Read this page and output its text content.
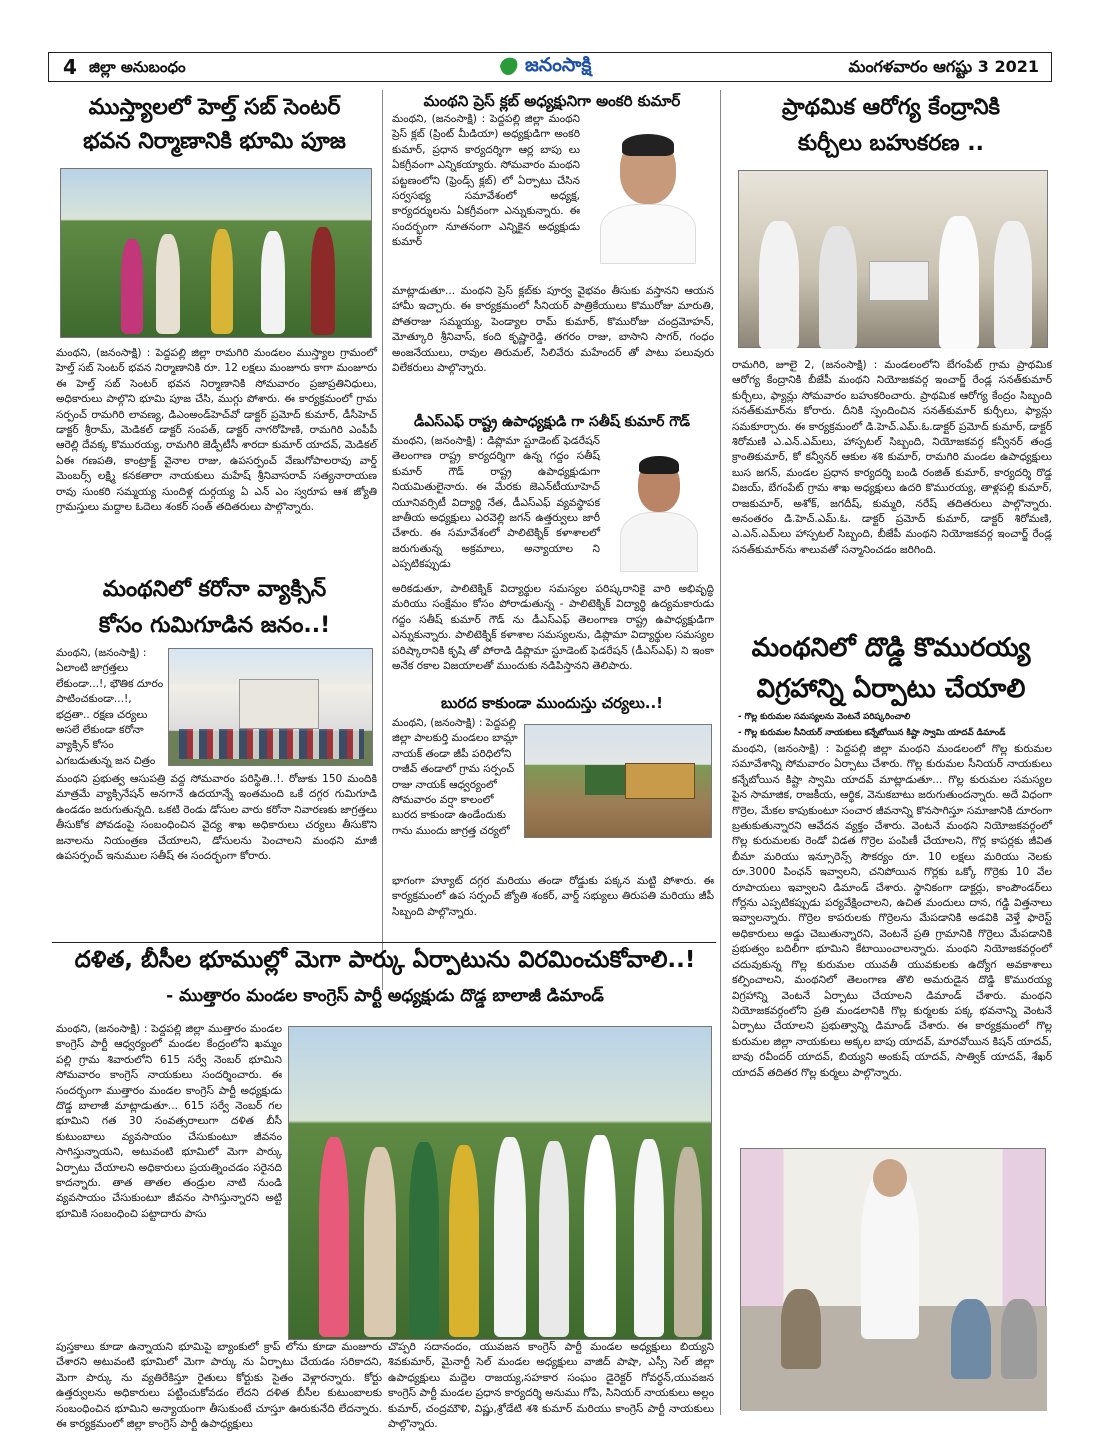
4 జిల్లా అనుబంధం	జనంసాక్షి	మంగళవారం ఆగష్టు 3 2021
ముస్త్యాలలో హెల్త్ సబ్ సెంటర్
భవన నిర్మాణానికి భూమి పూజ
మంథని, (జనంసాక్షి) : పెద్దపల్లి జిల్లా రామగిరి మండలం ముస్త్యాల గ్రామంలో హెల్త్ సబ్ సెంటర్ భవన నిర్మాణానికి రూ. 12 లక్షలు మంజూరు కాగా మంజూరు ఈ హెల్త్ సబ్ సెంటర్ భవన నిర్మాణానికి సోమవారం ప్రజాప్రతినిధులు, అధికారులు పాల్గొని భూమి పూజ చేసి, ముగ్గు పోశారు. ఈ కార్యక్రమంలో గ్రామ సర్పంచ్ రామగిరి లావణ్య, డిఎంఅండ్‌హెచ్‌వో డాక్టర్ ప్రమోద్ కుమార్, డీసీహెచ్ డాక్టర్ శ్రీరామ్, మెడికల్ డాక్టర్ సంపత్, డాక్టర్ నాగరోహిణి, రామగిరి ఎంపీపీ ఆరెల్లి దేవక్క కొమురయ్య, రామగిరి జెడ్పీటీసీ శారదా కుమార్ యాదవ్, మెడికల్ ఏఈ గణపతి, కాంట్రాక్ట్ వైనాల రాజు, ఉపసర్పంచ్ వేణుగోపాలరావు వార్డ్ మెంబర్స్ లక్ష్మి కనకతారా నాయకులు మహేష్ శ్రీనివాసరావ్ సత్యనారాయణ రావు సుంకరి సమ్మయ్య సుందిళ్ల దుర్గయ్య ఏ ఎన్ ఎం స్వరూప ఆశ జ్యోతి గ్రామస్తులు మద్దాల ఓదెలు శంకర్ సంత్ తదితరులు పాల్గొన్నారు.
మంథనిలో కరోనా వ్యాక్సిన్
కోసం గుమిగూడిన జనం..!
మంథని, (జనంసాక్షి) : ఏలాంటి జాగ్రత్తలు లేకుండా...!, భౌతిక దూరం పాటించకుండా...!, భద్రతా.. రక్షణ చర్యలు అసలే లేకుండా కరోనా వ్యాక్సిన్ కోసం ఎగబడుతున్న జన చిత్రం
మంథని ప్రభుత్వ ఆసుపత్రి వద్ద సోమవారం పరిస్థితి..!. రోజుకు 150 మందికి మాత్రమే వ్యాక్సినేషన్ అనగానే ఉదయాన్నే ఇంతమంది ఒకే దగ్గర గుమిగూడి ఉండడం జరుగుతున్నది. ఒకటి రెండు డోసుల వారు కరోనా నివారణకు జాగ్రత్తలు తీసుకోక పోవడంపై సంబంధించిన వైద్య శాఖ అధికారులు చర్యలు తీసుకొని జనాలను నియంత్రణ చేయాలని, డోసులను పెంచాలని మంథని మాజీ ఉపసర్పంచ్ ఇనుముల సతీష్ ఈ సందర్భంగా కోరారు.
మంథని ప్రెస్ క్లబ్ అధ్యక్షునిగా అంకరి కుమార్
మంథని, (జనంసాక్షి) : పెద్దపల్లి జిల్లా మంథని ప్రెస్ క్లబ్ (ప్రింట్ మీడియా) అధ్యక్షుడిగా అంకరి కుమార్, ప్రధాన కార్యదర్శిగా ఆర్ల బాపు లు ఏకగ్రీవంగా ఎన్నికయ్యారు. సోమవారం మంథని పట్టణంలోని (ఫ్రెండ్స్ క్లబ్) లో ఏర్పాటు చేసిన సర్వసభ్య సమావేశంలో అధ్యక్ష, కార్యదర్శులను ఏకగ్రీవంగా ఎన్నుకున్నారు. ఈ సందర్భంగా నూతనంగా ఎన్నికైన అధ్యక్షుడు కుమార్
మాట్లాడుతూ... మంథని ప్రెస్ క్లబ్‌కు పూర్వ వైభవం తీసుకు వస్తానని ఆయన హామీ ఇచ్చారు. ఈ కార్యక్రమంలో సీనియర్ పాత్రికేయులు కొమురోజు మారుతి, పోతరాజు సమ్మయ్య, పెండ్యాల రామ్ కుమార్, కొమురోజు చంద్రమోహన్, మోత్కూరి శ్రీనివాస్, కంది కృష్ణారెడ్డి, తగరం రాజు, బాసాని సాగర్, గంధం అంజనేయులు, రావుల తిరుమల్, సిలివేరు మహేందర్ తో పాటు పలువురు విలేకరులు పాల్గొన్నారు.
డీఎస్ఎఫ్ రాష్ట్ర ఉపాధ్యక్షుడి గా సతీష్ కుమార్ గౌడ్
మంథని, (జనంసాక్షి) : డిప్లొమా స్టూడెంట్ ఫెడరేషన్ తెలంగాణ రాష్ట్ర కార్యదర్శిగా ఉన్న గద్దం సతీష్ కుమార్ గౌడ్ రాష్ట్ర ఉపాధ్యక్షుడుగా నియమితులైనారు. ఈ మేరకు జెఎన్‌టీయూహెచ్ యూనివర్సిటీ విద్యార్థి నేత, డీఎస్ఎఫ్ వ్యవస్థాపక జాతీయ అధ్యక్షులు ఎరవెల్లి జగన్ ఉత్తర్వులు జారీ చేశారు. ఈ సమావేశంలో పాలిటెక్నిక్ కళాశాలలో జరుగుతున్న అక్రమాలు, అన్యాయాల ని ఎప్పటికప్పుడు
అరికడుతూ, పాలిటెక్నిక్ విద్యార్థుల సమస్యల పరిష్కరానికై వారి అభివృద్ధి మరియు సంక్షేమం కోసం పోరాడుతున్న - పాలిటెక్నిక్ విద్యార్థి ఉద్యమకారుడు గద్దం సతీష్ కుమార్ గౌడ్ ను డీఎస్ఎఫ్ తెలంగాణ రాష్ట్ర ఉపాధ్యక్షుడిగా ఎన్నుకున్నారు. పాలిటెక్నిక్ కళాశాల సమస్యలను, డిప్లొమా విద్యార్థుల సమస్యల పరిష్కారానికి కృషి తో పోరాడి డిప్లొమా స్టూడెంట్ ఫెడరేషన్ (డీఎస్ఎఫ్) ని ఇంకా అనేక రకాల విజయాలతో ముందుకు నడిపిస్తానని తెలిపారు.
బురద కాకుండా ముందుస్తు చర్యలు..!
మంథని, (జనంసాక్షి) : పెద్దపల్లి జిల్లా పాలకుర్తి మండలం బామ్లా నాయక్ తండా జీపీ పరిధిలోని రాజీవ్ తండాలో గ్రామ సర్పంచ్ రాజు నాయక్ ఆధ్వర్యంలో సోమవారం వర్షా కాలంలో బురద కాకుండా ఉండేందుకు గాను ముందు జాగ్రత్త చర్యలో
భాగంగా హ్యూట్ దగ్గర మరియు తండా రోడ్డుకు పక్కన మట్టి పోశారు. ఈ కార్యక్రమంలో ఉప సర్పంచ్ జ్యోతి శంకర్, వార్డ్ సభ్యులు తిరుపతి మరియు జీపీ సిబ్బంది పాల్గొన్నారు.
ప్రాథమిక ఆరోగ్య కేంద్రానికి
కుర్చీలు బహుకరణ ..
రామగిరి, జూలై 2, (జనంసాక్షి) : మండలంలోని బేగంపేట్ గ్రామ ప్రాథమిక ఆరోగ్య కేంద్రానికి బీజేపీ మంథని నియోజకవర్గ ఇంచార్జ్ రేండ్ల సనత్‌కుమార్ కుర్చీలు, ఫ్యాన్లు సోమవారం బహుకరించారు. ప్రాథమిక ఆరోగ్య కేంద్రం సిబ్బంది సనత్‌కుమార్‌ను కోరారు. దీనికి స్పందించిన సనత్‌కుమార్ కుర్చీలు, ఫ్యాన్లు సమకూర్చారు. ఈ కార్యక్రమంలో డి.హెచ్.ఎమ్.ఓ.డాక్టర్ ప్రమోద్ కుమార్, డాక్టర్ శిరోమణి ఎ.ఎన్.ఎమ్‌లు, హాస్పటల్ సిబ్బంది, నియోజకవర్గ కన్వీనర్ తండ్ర క్రాంతికుమార్, కో కన్వీనర్ ఆకుల శశి కుమార్, రామగిరి మండల ఉపాధ్యక్షులు బుస జగన్, మండల ప్రధాన కార్యదర్శి బండి రంజిత్ కుమార్, కార్యదర్శి రొడ్డ విజయ్, బేగంపేట్ గ్రామ శాఖ అధ్యక్షులు ఉదరి కొమురయ్య, తాళ్లపల్లి కుమార్, రాజకుమార్, అశోక్, జగదీష్, కుమ్మరి, నరేష్ తదితరులు పాల్గొన్నారు. అనంతరం డి.హెచ్.ఎమ్.ఓ. డాక్టర్ ప్రమోద్ కుమార్, డాక్టర్ శిరోమణి, ఎ.ఎన్.ఎమ్‌లు హాస్పటల్ సిబ్బంది, బీజేపీ మంథని నియోజకవర్గ ఇంచార్జ్ రేండ్ల సనత్‌కుమార్‌ను శాలువతో సన్మానించడం జరిగింది.
మంథనిలో దొడ్డి కొమురయ్య
విగ్రహాన్ని ఏర్పాటు చేయాలి
- గొల్ల కురుమల సమస్యలను వెంటనే పరిష్కరించాలి
- గొల్ల కురుమల సీనియర్ నాయకులు కన్నేబోయిన కిష్టా స్వామి యాదవ్ డిమాండ్
మంథని, (జనంసాక్షి) : పెద్దపల్లి జిల్లా మంథని మండలంలో గొల్ల కురుమల సమావేశాన్ని సోమవారం ఏర్పాటు చేశారు. గొల్ల కురుమల సీనియర్ నాయకులు కన్నేబోయిన కిష్టా స్వామి యాదవ్ మాట్లాడుతూ... గొల్ల కురుమల సమస్యల పైన సామాజిక, రాజకీయ, ఆర్థిక, వెనుకబాటు జరుగుతుందన్నారు. అదే విధంగా గొర్రెల, మేకల కాపుకుంటూ సంచార జీవనాన్ని కొనసాగిస్తూ సమాజానికి దూరంగా బ్రతుకుతున్నారని ఆవేదన వ్యక్తం చేశారు. వెంటనే మంథని నియోజకవర్గంలో గొల్ల కురుమలకు రెండో విడత గొర్రెల పంపిణీ చేయాలని, గొర్ల కాపర్లకు జీవిత బీమా మరియు ఇన్సూరెన్స్ సౌకర్యం రూ. 10 లక్షలు మరియు నెలకు రూ.3000 పింఛన్ ఇవ్వాలని, చనిపోయిన గొర్లకు ఒక్కో గొర్రెకు 10 వేల రూపాయలు ఇవ్వాలని డిమాండ్ చేశారు. స్థానికంగా డాక్టర్లు, కాంపౌండర్‌లు గోర్లను ఎప్పటికప్పుడు పర్యవేక్షించాలని, ఉచిత మందులు దాన, గడ్డి విత్తనాలు ఇవ్వాలన్నారు. గొర్రెల కాపరులకు గొర్రెలను మేపడానికి అడవికి వెళ్తే ఫారెస్ట్ అధికారులు అడ్డు చెబుతున్నారని, వెంటనే ప్రతి గ్రామానికి గొర్రెలు మేపడానికి ప్రభుత్వం బదిలీగా భూమిని కేటాయించాలన్నారు. మంథని నియోజకవర్గంలో చదువుకున్న గొల్ల కురుమల యువతీ యువకులకు ఉద్యోగ అవకాశాలు కల్పించాలని, మంథనిలో తెలంగాణ తొలి అమరుడైన దొడ్డి కొమురయ్య విగ్రహాన్ని వెంటనే ఏర్పాటు చేయాలని డిమాండ్ చేశారు. మంథని నియోజకవర్గంలోని ప్రతి మండలానికి గొల్ల కుర్మలకు పక్క భవనాన్ని వెంటనే ఏర్పాటు చేయాలని ప్రభుత్వాన్ని డిమాండ్ చేశారు. ఈ కార్యక్రమంలో గొల్ల కురుమల జిల్లా నాయకులు అక్కల బాపు యాదవ్, మారవోయిన కిషన్ యాదవ్, బావు రవీందర్ యాదవ్, బియ్యని అంకుష్ యాదవ్, సాత్విక్ యాదవ్, శేఖర్ యాదవ్ తదితర గొల్ల కుర్మలు పాల్గొన్నారు.
దళిత, బీసీల భూముల్లో మెగా పార్కు ఏర్పాటును విరమించుకోవాలి..!
- ముత్తారం మండల కాంగ్రెస్ పార్టీ అధ్యక్షుడు దొడ్డ బాలాజీ డిమాండ్
మంథని, (జనంసాక్షి) : పెద్దపల్లి జిల్లా ముత్తారం మండల కాంగ్రెస్ పార్టీ ఆధ్వర్యంలో మండల కేంద్రంలోని ఖమ్మం పల్లి గ్రామ శివారులోని 615 సర్వే నెంబర్ భూమిని సోమవారం కాంగ్రెస్ నాయకులు సందర్శించారు. ఈ సందర్భంగా ముత్తారం మండల కాంగ్రెస్ పార్టీ అధ్యక్షుడు దొడ్డ బాలాజీ మాట్లాడుతూ... 615 సర్వే నెంబర్ గల భూమిని గత 30 సంవత్సరాలుగా దళిత బీసీ కుటుంబాలు వ్యవసాయం చేసుకుంటూ జీవనం సాగిస్తున్నాయని, అటువంటి భూమిలో మెగా పార్కు ఏర్పాటు చేయాలని అధికారులు ప్రయత్నించడం సరైనది కాదన్నారు. తాత తాతల తండ్రుల నాటి నుండి వ్యవసాయం చేసుకుంటూ జీవనం సాగిస్తున్నారని అట్టి భూమికి సంబంధించి పట్టాదారు పాసు
పుస్తకాలు కూడా ఉన్నాయని భూమిపై బ్యాంకులో క్రాప్ లోను కూడా మంజూరు చేశారని అటువంటి భూమిలో మెగా పార్కు ను ఏర్పాటు చేయడం సరికాదని, మెగా పార్కు ను వ్యతిరేకిస్తూ రైతులు కోర్టుకు సైతం వెళ్లారన్నారు. కోర్టు ఉత్తర్వులను అధికారులు పట్టించుకోవడం లేదని దళిత బీసీల కుటుంబాలకు సంబంధించిన భూమిని అన్యాయంగా తీసుకుంటే చూస్తూ ఊరుకునేది లేదన్నారు. ఈ కార్యక్రమంలో జిల్లా కాంగ్రెస్ పార్టీ ఉపాధ్యక్షులు
చొప్పరి సదానందం, యువజన కాంగ్రెస్ పార్టీ మండల అధ్యక్షులు బియ్యని శివకుమార్, మైనార్టీ సెల్ మండల అధ్యక్షులు వాజిద్ పాషా, ఎస్సీ సెల్ జిల్లా ఉపాధ్యక్షులు మద్దెల రాజయ్య,సహకార సంఘం డైరెక్టర్ గోవర్ధన్,యువజన కాంగ్రెస్ పార్టీ మండల ప్రధాన కార్యదర్శి అనుము గోపి, సినియర్ నాయకులు అల్లం కుమార్, చంద్రమౌళి, విష్ణు,శ్రోడేటి శశి కుమార్ మరియు కాంగ్రెస్ పార్టీ నాయకులు పాల్గొన్నారు.
